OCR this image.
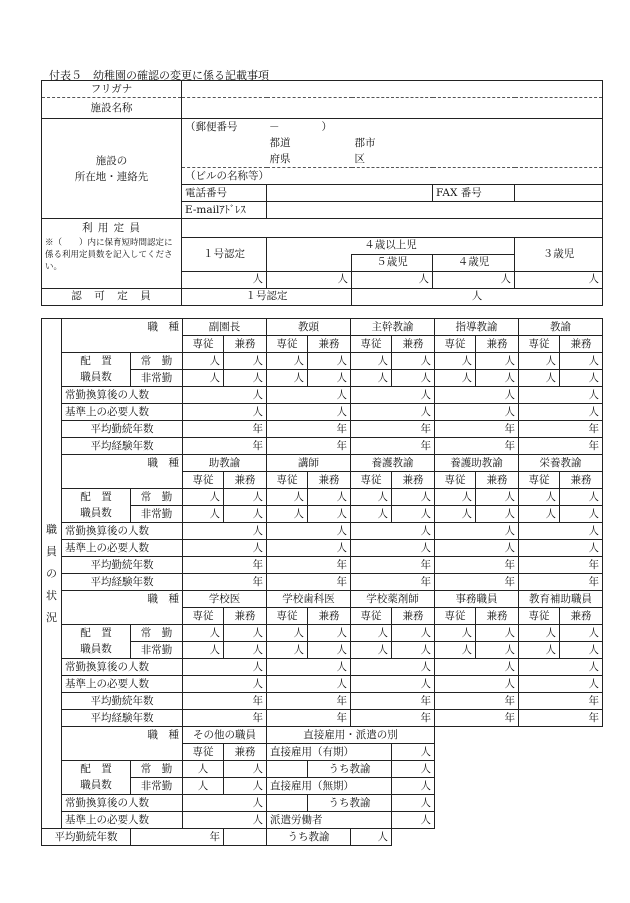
付表５　幼稚園の確認の変更に係る記載事項
フリガナ					
施設名称					

施設の
所在地・連絡先	（郵便番号　　　－　　　　）				
		都道	郡市		
		府県	区		
	（ビルの名称等）				
	電話番号			FAX 番号	
	E-mailｱﾄﾞﾚｽ				
利 用 定 員					
※（　　）内に保育短時間認定に係る利用定員数を記入してください。	１号認定	４歳以上児			３歳児
			５歳児	４歳児	
	人	人	人	人	人
認　可　定　員	１号認定		人		
職
員
の
状
況	職　種		副園長		教頭		主幹教諭		指導教諭		教諭	
			専従	兼務	専従	兼務	専従	兼務	専従	兼務	専従	兼務
	配　置	常　勤	人	人	人	人	人	人	人	人	人	人
	職員数	非常勤	人	人	人	人	人	人	人	人	人	人
	常勤換算後の人数		人		人		人		人		人	
	基準上の必要人数		人		人		人		人		人	
	平均勤続年数		年		年		年		年		年	
	平均経験年数		年		年		年		年		年	
	職　種		助教諭		講師		養護教諭		養護助教諭		栄養教諭	
			専従	兼務	専従	兼務	専従	兼務	専従	兼務	専従	兼務
	配　置	常　勤	人	人	人	人	人	人	人	人	人	人
	職員数	非常勤	人	人	人	人	人	人	人	人	人	人
	常勤換算後の人数		人		人		人		人		人	
	基準上の必要人数		人		人		人		人		人	
	平均勤続年数		年		年		年		年		年	
	平均経験年数		年		年		年		年		年	
	職　種		学校医		学校歯科医		学校薬剤師		事務職員		教育補助職員	
			専従	兼務	専従	兼務	専従	兼務	専従	兼務	専従	兼務
	配　置	常　勤	人	人	人	人	人	人	人	人	人	人
	職員数	非常勤	人	人	人	人	人	人	人	人	人	人
	常勤換算後の人数		人		人		人		人		人	
	基準上の必要人数		人		人		人		人		人	
	平均勤続年数		年		年		年		年		年	
	平均経験年数		年		年		年		年		年	
	職　種		その他の職員		直接雇用・派遣の別							
			専従	兼務	直接雇用（有期）			人				
	配　置	常　勤	人	人		うち教諭		人				
	職員数	非常勤	人	人	直接雇用（無期）			人				
	常勤換算後の人数		人			うち教諭		人				
	基準上の必要人数		人		派遣労働者			人				
平均勤続年数		年			うち教諭		人					
